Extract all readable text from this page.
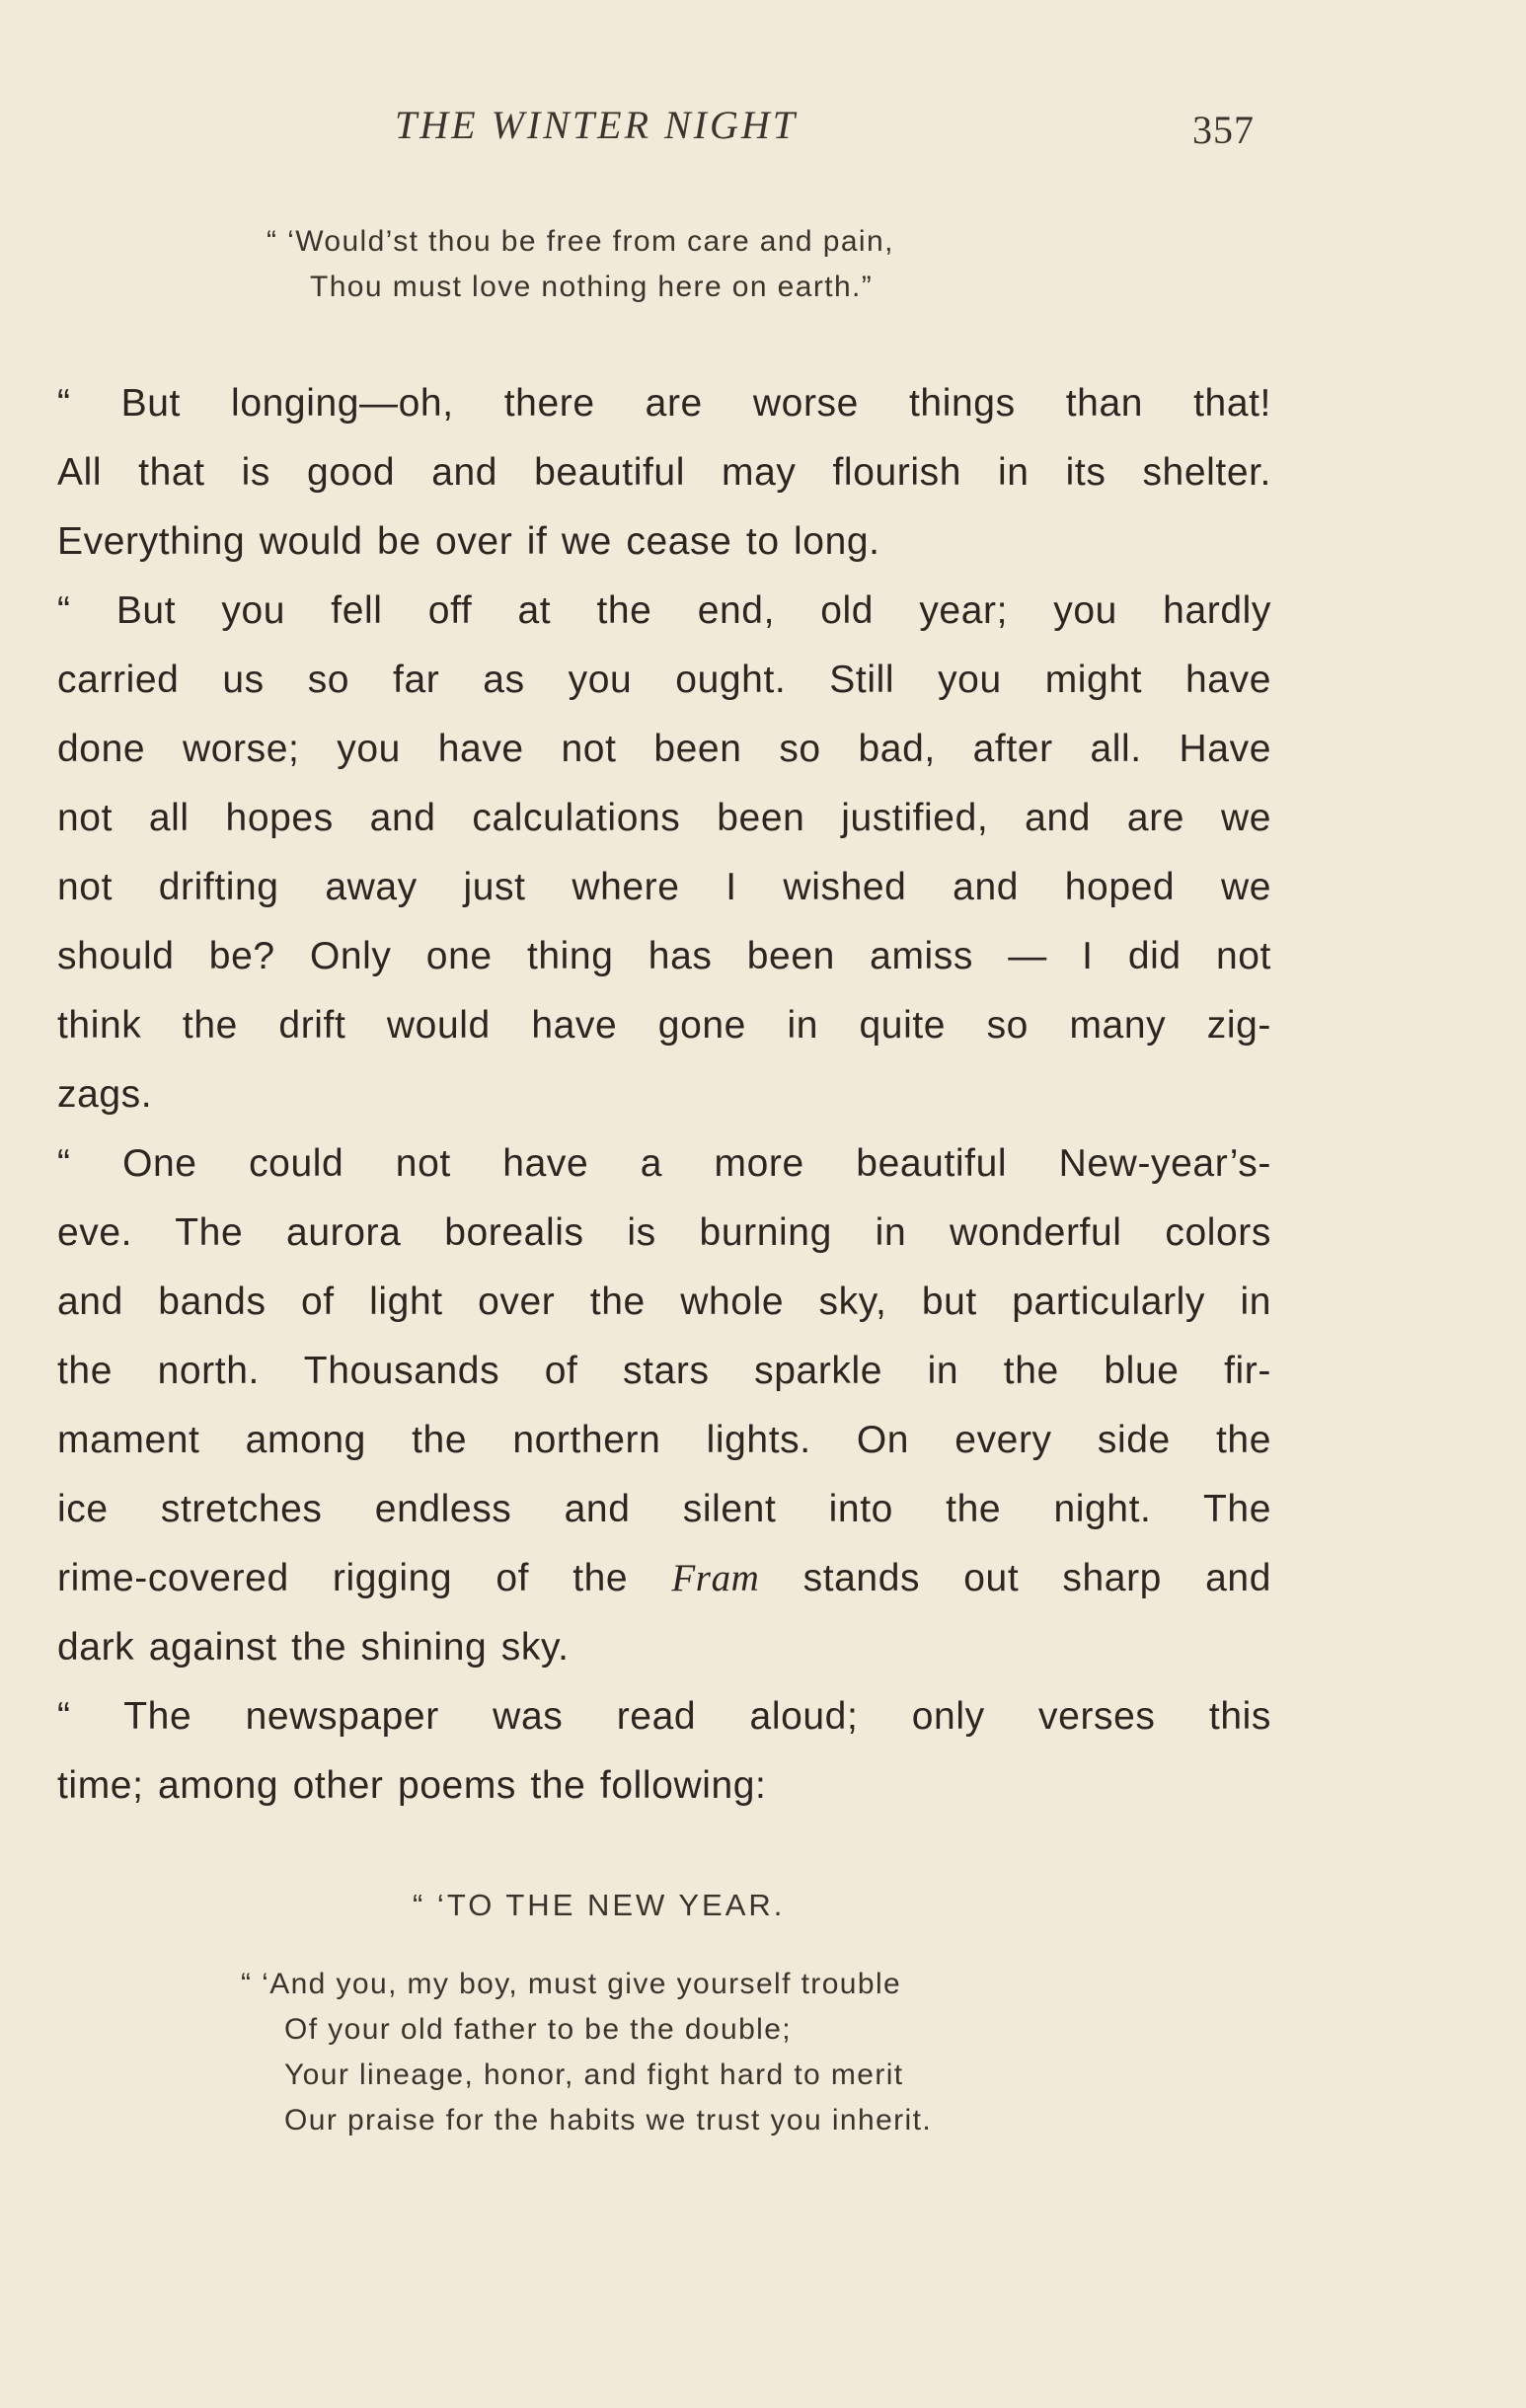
THE WINTER NIGHT	357
“ ‘Would’st thou be free from care and pain,
Thou must love nothing here on earth.”
“ But longing—oh, there are worse things than that!
All that is good and beautiful may flourish in its shelter.
Everything would be over if we cease to long.
“ But you fell off at the end, old year; you hardly
carried us so far as you ought. Still you might have
done worse; you have not been so bad, after all. Have
not all hopes and calculations been justified, and are we
not drifting away just where I wished and hoped we
should be? Only one thing has been amiss — I did not
think the drift would have gone in quite so many zig-
zags.
“ One could not have a more beautiful New-year’s-
eve. The aurora borealis is burning in wonderful colors
and bands of light over the whole sky, but particularly in
the north. Thousands of stars sparkle in the blue fir-
mament among the northern lights. On every side the
ice stretches endless and silent into the night. The
rime-covered rigging of the Fram stands out sharp and
dark against the shining sky.
“ The newspaper was read aloud; only verses this
time; among other poems the following:
“ ‘TO THE NEW YEAR.
“ ‘And you, my boy, must give yourself trouble
Of your old father to be the double;
Your lineage, honor, and fight hard to merit
Our praise for the habits we trust you inherit.
